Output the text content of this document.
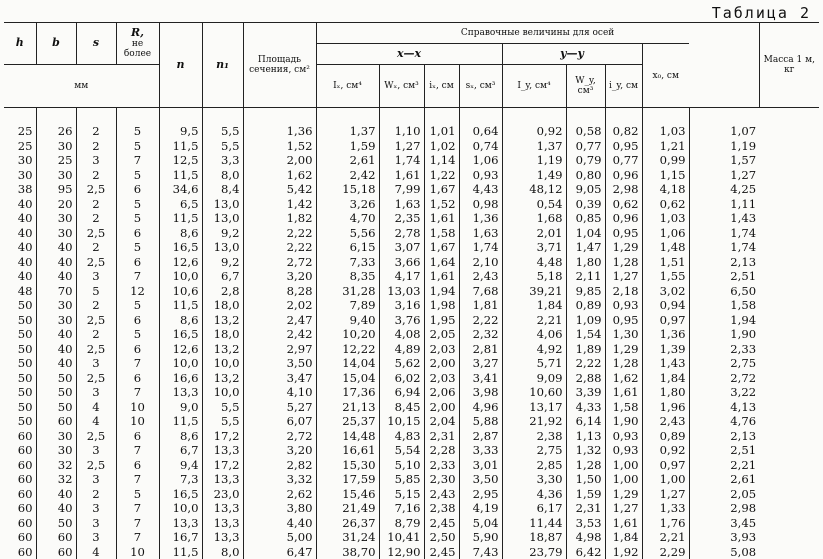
Таблица 2
h	b	s	R,
не более	n	n₁	Площадь сечения, см²	Справочные величины для осей									Масса 1 м, кг
							x—x				y—y			x₀, см		
мм							Iₓ, см⁴	Wₓ, см³	iₓ, см	sₓ, см³	I_y, см⁴	W_y, см³	i_y, см			
25	26	2	5	9,5	5,5	1,36	1,37	1,10	1,01	0,64	0,92	0,58	0,82	1,03	1,07	
25	30	2	5	11,5	5,5	1,52	1,59	1,27	1,02	0,74	1,37	0,77	0,95	1,21	1,19	
30	25	3	7	12,5	3,3	2,00	2,61	1,74	1,14	1,06	1,19	0,79	0,77	0,99	1,57	
30	30	2	5	11,5	8,0	1,62	2,42	1,61	1,22	0,93	1,49	0,80	0,96	1,15	1,27	
38	95	2,5	6	34,6	8,4	5,42	15,18	7,99	1,67	4,43	48,12	9,05	2,98	4,18	4,25	
40	20	2	5	6,5	13,0	1,42	3,26	1,63	1,52	0,98	0,54	0,39	0,62	0,62	1,11	
40	30	2	5	11,5	13,0	1,82	4,70	2,35	1,61	1,36	1,68	0,85	0,96	1,03	1,43	
40	30	2,5	6	8,6	9,2	2,22	5,56	2,78	1,58	1,63	2,01	1,04	0,95	1,06	1,74	
40	40	2	5	16,5	13,0	2,22	6,15	3,07	1,67	1,74	3,71	1,47	1,29	1,48	1,74	
40	40	2,5	6	12,6	9,2	2,72	7,33	3,66	1,64	2,10	4,48	1,80	1,28	1,51	2,13	
40	40	3	7	10,0	6,7	3,20	8,35	4,17	1,61	2,43	5,18	2,11	1,27	1,55	2,51	
48	70	5	12	10,6	2,8	8,28	31,28	13,03	1,94	7,68	39,21	9,85	2,18	3,02	6,50	
50	30	2	5	11,5	18,0	2,02	7,89	3,16	1,98	1,81	1,84	0,89	0,93	0,94	1,58	
50	30	2,5	6	8,6	13,2	2,47	9,40	3,76	1,95	2,22	2,21	1,09	0,95	0,97	1,94	
50	40	2	5	16,5	18,0	2,42	10,20	4,08	2,05	2,32	4,06	1,54	1,30	1,36	1,90	
50	40	2,5	6	12,6	13,2	2,97	12,22	4,89	2,03	2,81	4,92	1,89	1,29	1,39	2,33	
50	40	3	7	10,0	10,0	3,50	14,04	5,62	2,00	3,27	5,71	2,22	1,28	1,43	2,75	
50	50	2,5	6	16,6	13,2	3,47	15,04	6,02	2,03	3,41	9,09	2,88	1,62	1,84	2,72	
50	50	3	7	13,3	10,0	4,10	17,36	6,94	2,06	3,98	10,60	3,39	1,61	1,80	3,22	
50	50	4	10	9,0	5,5	5,27	21,13	8,45	2,00	4,96	13,17	4,33	1,58	1,96	4,13	
50	60	4	10	11,5	5,5	6,07	25,37	10,15	2,04	5,88	21,92	6,14	1,90	2,43	4,76	
60	30	2,5	6	8,6	17,2	2,72	14,48	4,83	2,31	2,87	2,38	1,13	0,93	0,89	2,13	
60	30	3	7	6,7	13,3	3,20	16,61	5,54	2,28	3,33	2,75	1,32	0,93	0,92	2,51	
60	32	2,5	6	9,4	17,2	2,82	15,30	5,10	2,33	3,01	2,85	1,28	1,00	0,97	2,21	
60	32	3	7	7,3	13,3	3,32	17,59	5,85	2,30	3,50	3,30	1,50	1,00	1,00	2,61	
60	40	2	5	16,5	23,0	2,62	15,46	5,15	2,43	2,95	4,36	1,59	1,29	1,27	2,05	
60	40	3	7	10,0	13,3	3,80	21,49	7,16	2,38	4,19	6,17	2,31	1,27	1,33	2,98	
60	50	3	7	13,3	13,3	4,40	26,37	8,79	2,45	5,04	11,44	3,53	1,61	1,76	3,45	
60	60	3	7	16,7	13,3	5,00	31,24	10,41	2,50	5,90	18,87	4,98	1,84	2,21	3,93	
60	60	4	10	11,5	8,0	6,47	38,70	12,90	2,45	7,43	23,79	6,42	1,92	2,29	5,08	
